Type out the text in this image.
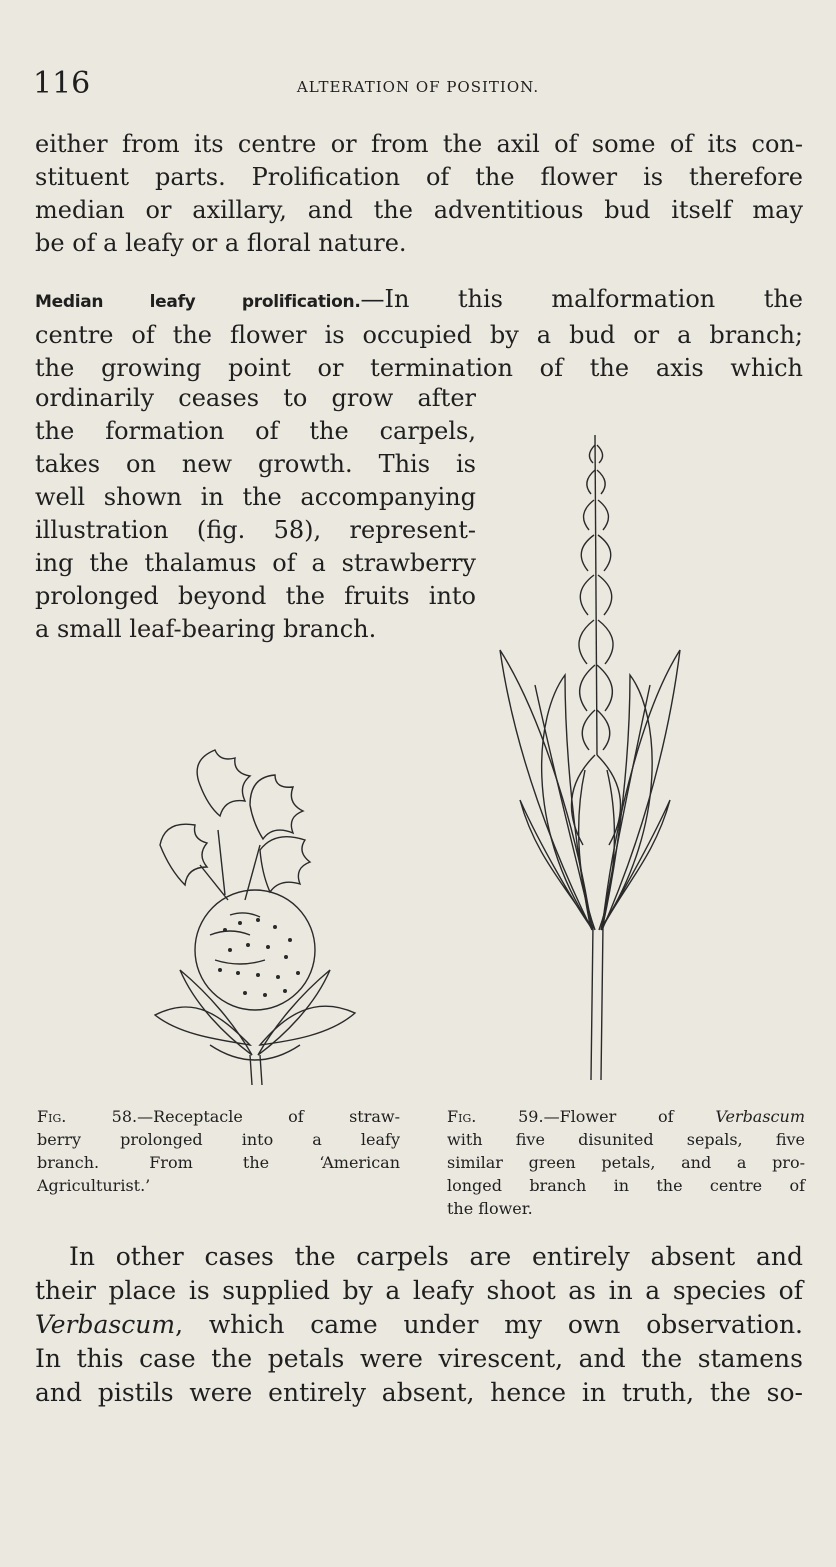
116	ALTERATION OF POSITION.
either from its centre or from the axil of some of its con-
stituent parts. Prolification of the flower is therefore
median or axillary, and the adventitious bud itself may
be of a leafy or a floral nature.
Median leafy prolification.—In this malformation the
centre of the flower is occupied by a bud or a branch;
the growing point or termination of the axis which
ordinarily ceases to grow after
the formation of the carpels,
takes on new growth. This is
well shown in the accompanying
illustration (fig. 58), represent-
ing the thalamus of a strawberry
prolonged beyond the fruits into
a small leaf-bearing branch.
Fig. 58.—Receptacle of straw-
berry prolonged into a leafy
branch. From the ‘American
Agriculturist.’
Fig. 59.—Flower of Verbascum
with five disunited sepals, five
similar green petals, and a pro-
longed branch in the centre of
the flower.
In other cases the carpels are entirely absent and
their place is supplied by a leafy shoot as in a species of
Verbascum, which came under my own observation.
In this case the petals were virescent, and the stamens
and pistils were entirely absent, hence in truth, the so-
